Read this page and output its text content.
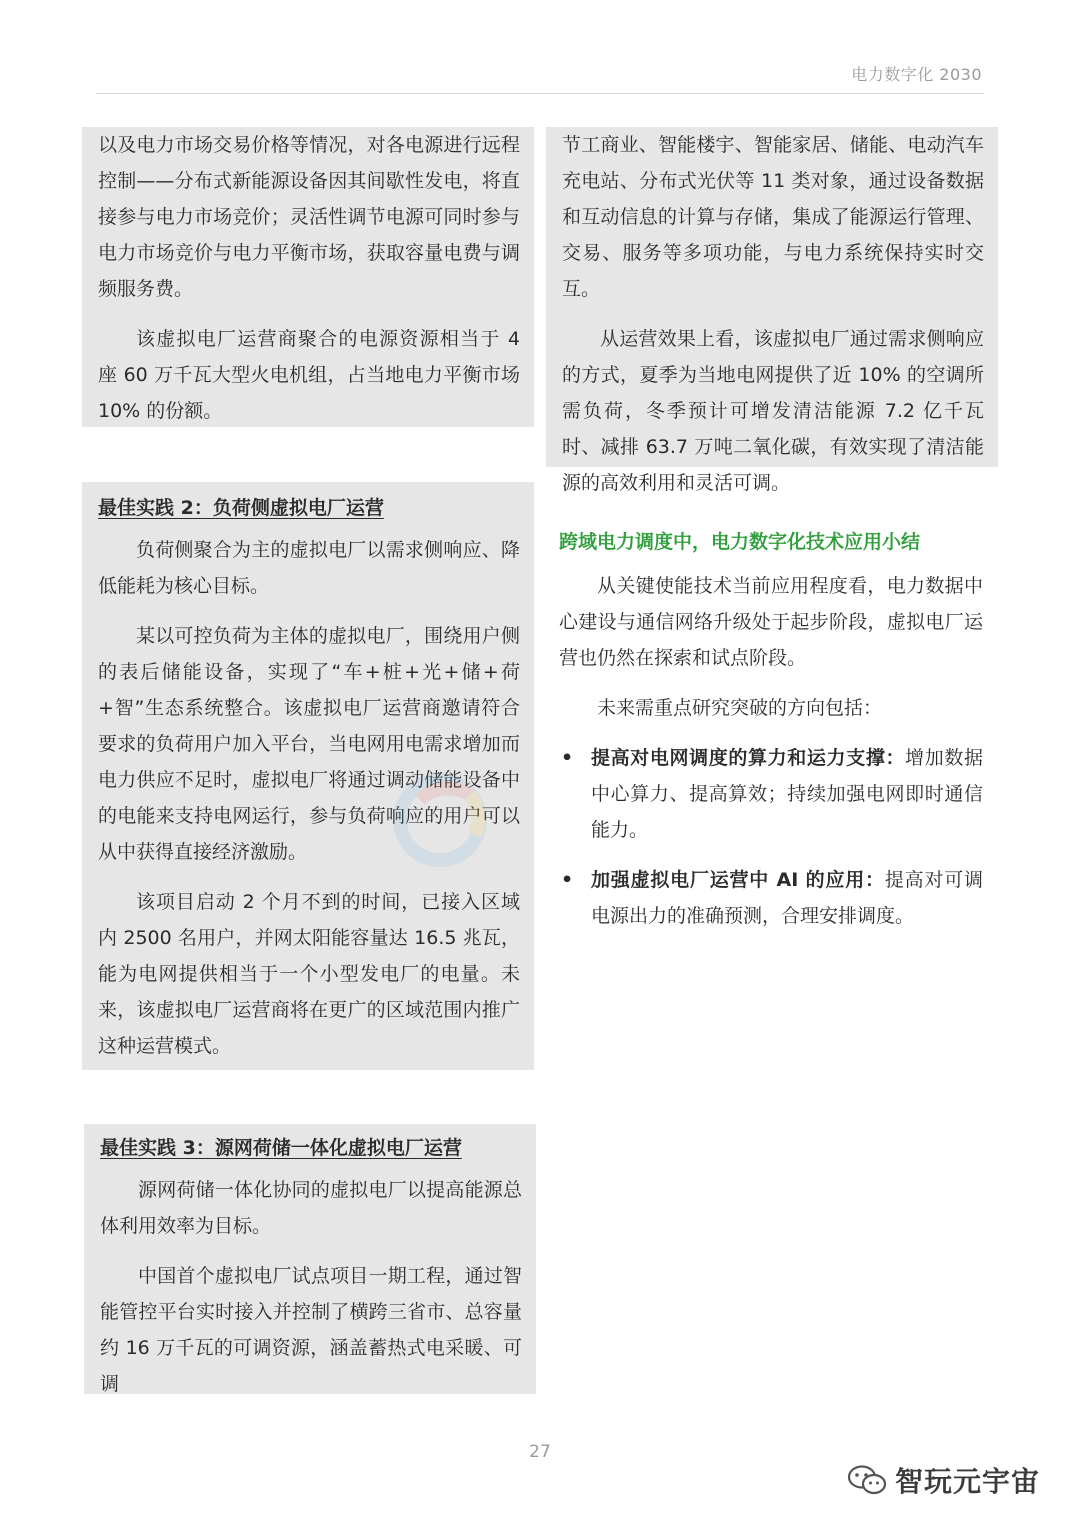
电力数字化 2030

以及电力市场交易价格等情况，对各电源进行远程控制——分布式新能源设备因其间歇性发电，将直接参与电力市场竞价；灵活性调节电源可同时参与电力市场竞价与电力平衡市场，获取容量电费与调频服务费。

该虚拟电厂运营商聚合的电源资源相当于 4 座 60 万千瓦大型火电机组，占当地电力平衡市场 10% 的份额。

节工商业、智能楼宇、智能家居、储能、电动汽车充电站、分布式光伏等 11 类对象，通过设备数据和互动信息的计算与存储，集成了能源运行管理、交易、服务等多项功能，与电力系统保持实时交互。

从运营效果上看，该虚拟电厂通过需求侧响应的方式，夏季为当地电网提供了近 10% 的空调所需负荷，冬季预计可增发清洁能源 7.2 亿千瓦时、减排 63.7 万吨二氧化碳，有效实现了清洁能源的高效利用和灵活可调。

最佳实践 2：负荷侧虚拟电厂运营

负荷侧聚合为主的虚拟电厂以需求侧响应、降低能耗为核心目标。

某以可控负荷为主体的虚拟电厂，围绕用户侧的表后储能设备，实现了“车+桩+光+储+荷+智”生态系统整合。该虚拟电厂运营商邀请符合要求的负荷用户加入平台，当电网用电需求增加而电力供应不足时，虚拟电厂将通过调动储能设备中的电能来支持电网运行，参与负荷响应的用户可以从中获得直接经济激励。

该项目启动 2 个月不到的时间，已接入区域内 2500 名用户，并网太阳能容量达 16.5 兆瓦，能为电网提供相当于一个小型发电厂的电量。未来，该虚拟电厂运营商将在更广的区域范围内推广这种运营模式。

最佳实践 3：源网荷储一体化虚拟电厂运营

源网荷储一体化协同的虚拟电厂以提高能源总体利用效率为目标。

中国首个虚拟电厂试点项目一期工程，通过智能管控平台实时接入并控制了横跨三省市、总容量约 16 万千瓦的可调资源，涵盖蓄热式电采暖、可调

跨域电力调度中，电力数字化技术应用小结

从关键使能技术当前应用程度看，电力数据中心建设与通信网络升级处于起步阶段，虚拟电厂运营也仍然在探索和试点阶段。

未来需重点研究突破的方向包括：

• 提高对电网调度的算力和运力支撑：增加数据中心算力、提高算效；持续加强电网即时通信能力。
• 加强虚拟电厂运营中 AI 的应用：提高对可调电源出力的准确预测，合理安排调度。
27
智玩元宇宙
